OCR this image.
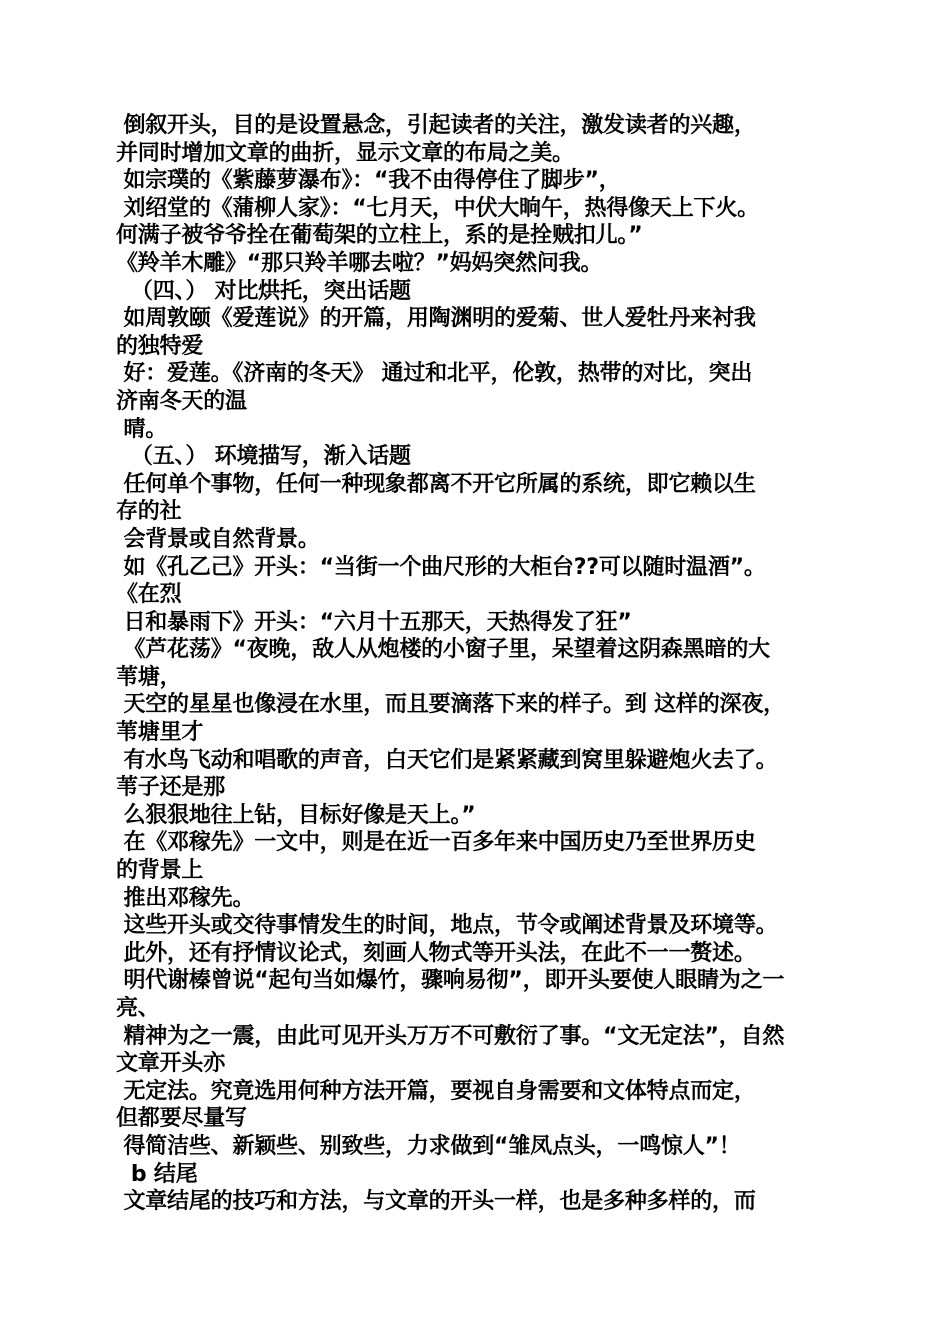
倒叙开头，目的是设置悬念，引起读者的关注，激发读者的兴趣，
并同时增加文章的曲折，显示文章的布局之美。
如宗璞的《紫藤萝瀑布》：“我不由得停住了脚步”，
刘绍堂的《蒲柳人家》：“七月天，中伏大晌午，热得像天上下火。
何满子被爷爷拴在葡萄架的立柱上，系的是拴贼扣儿。”
《羚羊木雕》“那只羚羊哪去啦？”妈妈突然问我。
（四、） 对比烘托，突出话题
如周敦颐《爱莲说》的开篇，用陶渊明的爱菊、世人爱牡丹来衬我
的独特爱
好：爱莲。《济南的冬天》 通过和北平，伦敦，热带的对比，突出
济南冬天的温
晴。
（五、） 环境描写，渐入话题
任何单个事物，任何一种现象都离不开它所属的系统，即它赖以生
存的社
会背景或自然背景。
如《孔乙己》开头：“当街一个曲尺形的大柜台??可以随时温酒”。
《在烈
日和暴雨下》开头：“六月十五那天，天热得发了狂”
《芦花荡》“夜晚，敌人从炮楼的小窗子里，呆望着这阴森黑暗的大
苇塘，
天空的星星也像浸在水里，而且要滴落下来的样子。到 这样的深夜，
苇塘里才
有水鸟飞动和唱歌的声音，白天它们是紧紧藏到窝里躲避炮火去了。
苇子还是那
么狠狠地往上钻，目标好像是天上。”
在《邓稼先》一文中，则是在近一百多年来中国历史乃至世界历史
的背景上
推出邓稼先。
这些开头或交待事情发生的时间，地点，节令或阐述背景及环境等。
此外，还有抒情议论式，刻画人物式等开头法，在此不一一赘述。
明代谢榛曾说“起句当如爆竹，骤响易彻”，即开头要使人眼睛为之一
亮、
精神为之一震，由此可见开头万万不可敷衍了事。“文无定法”，自然
文章开头亦
无定法。究竟选用何种方法开篇，要视自身需要和文体特点而定，
但都要尽量写
得简洁些、新颖些、别致些，力求做到“雏凤点头，一鸣惊人”！
b 结尾
文章结尾的技巧和方法，与文章的开头一样，也是多种多样的，而
